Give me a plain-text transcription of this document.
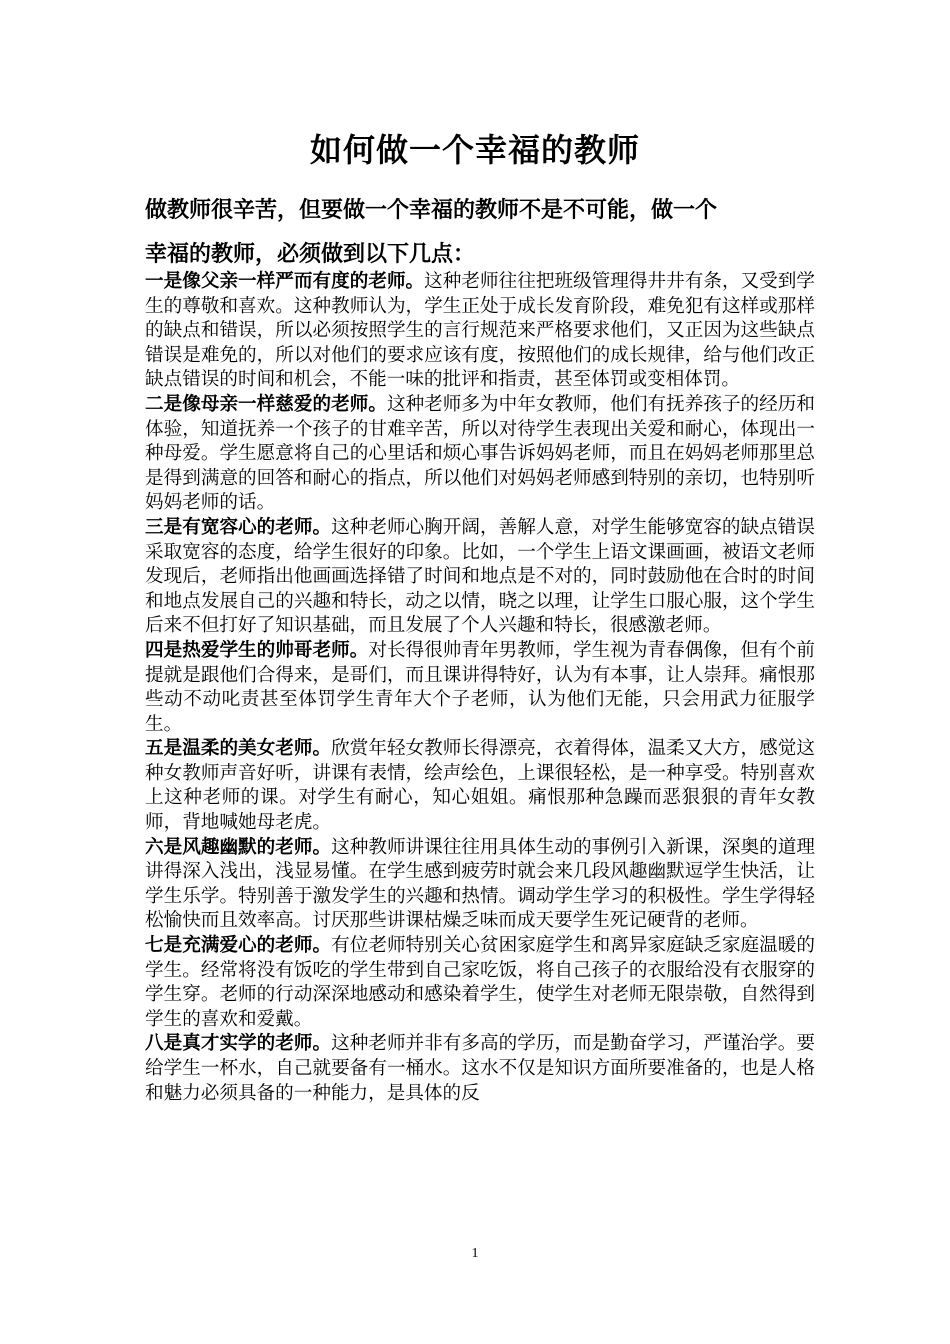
如何做一个幸福的教师
做教师很辛苦，但要做一个幸福的教师不是不可能，做一个
幸福的教师，必须做到以下几点：

一是像父亲一样严而有度的老师。这种老师往往把班级管理得井井有条，又受到学生的尊敬和喜欢。这种教师认为，学生正处于成长发育阶段，难免犯有这样或那样的缺点和错误，所以必须按照学生的言行规范来严格要求他们，又正因为这些缺点错误是难免的，所以对他们的要求应该有度，按照他们的成长规律，给与他们改正缺点错误的时间和机会，不能一味的批评和指责，甚至体罚或变相体罚。

二是像母亲一样慈爱的老师。这种老师多为中年女教师，他们有抚养孩子的经历和体验，知道抚养一个孩子的甘难辛苦，所以对待学生表现出关爱和耐心，体现出一种母爱。学生愿意将自己的心里话和烦心事告诉妈妈老师，而且在妈妈老师那里总是得到满意的回答和耐心的指点，所以他们对妈妈老师感到特别的亲切，也特别听妈妈老师的话。

三是有宽容心的老师。这种老师心胸开阔，善解人意，对学生能够宽容的缺点错误采取宽容的态度，给学生很好的印象。比如，一个学生上语文课画画，被语文老师发现后，老师指出他画画选择错了时间和地点是不对的，同时鼓励他在合时的时间和地点发展自己的兴趣和特长，动之以情，晓之以理，让学生口服心服，这个学生后来不但打好了知识基础，而且发展了个人兴趣和特长，很感激老师。

四是热爱学生的帅哥老师。对长得很帅青年男教师，学生视为青春偶像，但有个前提就是跟他们合得来，是哥们，而且课讲得特好，认为有本事，让人崇拜。痛恨那些动不动叱责甚至体罚学生青年大个子老师，认为他们无能，只会用武力征服学生。

五是温柔的美女老师。欣赏年轻女教师长得漂亮，衣着得体，温柔又大方，感觉这种女教师声音好听，讲课有表情，绘声绘色，上课很轻松，是一种享受。特别喜欢上这种老师的课。对学生有耐心，知心姐姐。痛恨那种急躁而恶狠狠的青年女教师，背地喊她母老虎。

六是风趣幽默的老师。这种教师讲课往往用具体生动的事例引入新课，深奥的道理讲得深入浅出，浅显易懂。在学生感到疲劳时就会来几段风趣幽默逗学生快活，让学生乐学。特别善于激发学生的兴趣和热情。调动学生学习的积极性。学生学得轻松愉快而且效率高。讨厌那些讲课枯燥乏味而成天要学生死记硬背的老师。

七是充满爱心的老师。有位老师特别关心贫困家庭学生和离异家庭缺乏家庭温暖的学生。经常将没有饭吃的学生带到自己家吃饭，将自己孩子的衣服给没有衣服穿的学生穿。老师的行动深深地感动和感染着学生，使学生对老师无限崇敬，自然得到学生的喜欢和爱戴。

八是真才实学的老师。这种老师并非有多高的学历，而是勤奋学习，严谨治学。要给学生一杯水，自己就要备有一桶水。这水不仅是知识方面所要准备的，也是人格和魅力必须具备的一种能力，是具体的反

1
